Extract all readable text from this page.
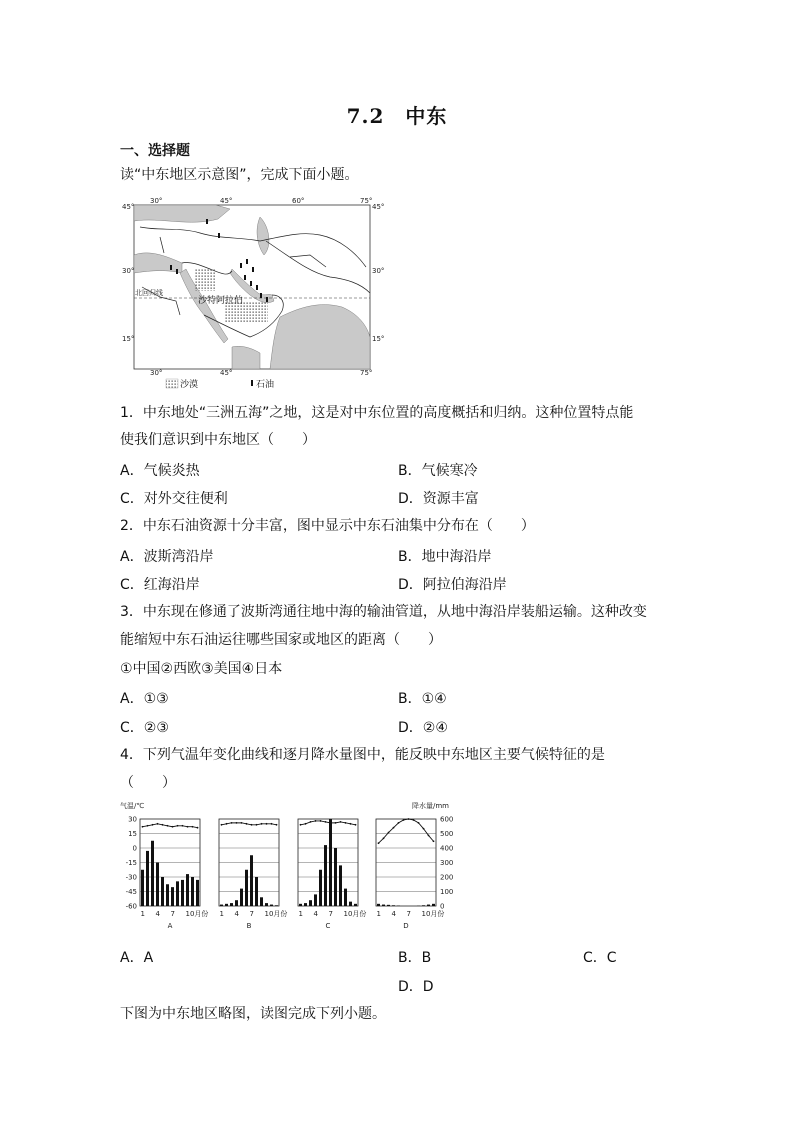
7.2　中东
一、选择题
读“中东地区示意图”，完成下面小题。
北回归线
沙特阿拉伯
45°
30°
15°
45°
30°
15°
30°	45°	60°	75°
30°	45°	75°
沙漠	石油
1．中东地处“三洲五海”之地，这是对中东位置的高度概括和归纳。这种位置特点能
使我们意识到中东地区（　　）
A．气候炎热	B．气候寒冷
C．对外交往便利	D．资源丰富
2．中东石油资源十分丰富，图中显示中东石油集中分布在（　　）
A．波斯湾沿岸	B．地中海沿岸
C．红海沿岸	D．阿拉伯海沿岸
3．中东现在修通了波斯湾通往地中海的输油管道，从地中海沿岸装船运输。这种改变
能缩短中东石油运往哪些国家或地区的距离（　　）
①中国②西欧③美国④日本
A．①③	B．①④
C．②③	D．②④
4．下列气温年变化曲线和逐月降水量图中，能反映中东地区主要气候特征的是
（　　）
气温/℃	降水量/mm
30
15
0
-15
-30
-45
-60
600
500
400
300
200
100
0
1 4 7 10月份
A
1 4 7 10月份
B
1 4 7 10月份
C
1 4 7 10月份
D
A．A	B．B	C．C
D．D
下图为中东地区略图，读图完成下列小题。
